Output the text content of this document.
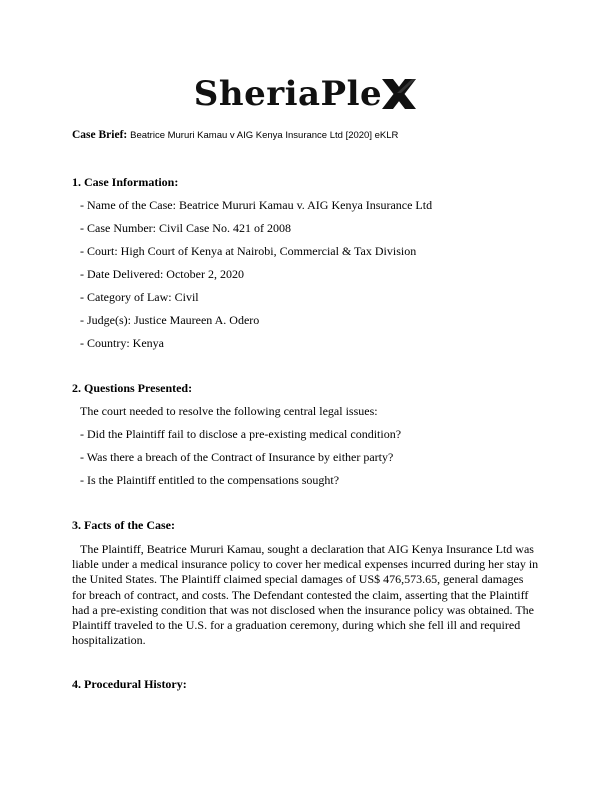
SheriaPle
Case Brief: Beatrice Mururi Kamau v AIG Kenya Insurance Ltd [2020] eKLR
1. Case Information:
- Name of the Case: Beatrice Mururi Kamau v. AIG Kenya Insurance Ltd
- Case Number: Civil Case No. 421 of 2008
- Court: High Court of Kenya at Nairobi, Commercial & Tax Division
- Date Delivered: October 2, 2020
- Category of Law: Civil
- Judge(s): Justice Maureen A. Odero
- Country: Kenya
2. Questions Presented:
The court needed to resolve the following central legal issues:
- Did the Plaintiff fail to disclose a pre-existing medical condition?
- Was there a breach of the Contract of Insurance by either party?
- Is the Plaintiff entitled to the compensations sought?
3. Facts of the Case:

The Plaintiff, Beatrice Mururi Kamau, sought a declaration that AIG Kenya Insurance Ltd was liable under a medical insurance policy to cover her medical expenses incurred during her stay in the United States. The Plaintiff claimed special damages of US$ 476,573.65, general damages for breach of contract, and costs. The Defendant contested the claim, asserting that the Plaintiff had a pre-existing condition that was not disclosed when the insurance policy was obtained. The Plaintiff traveled to the U.S. for a graduation ceremony, during which she fell ill and required hospitalization.

4. Procedural History:
